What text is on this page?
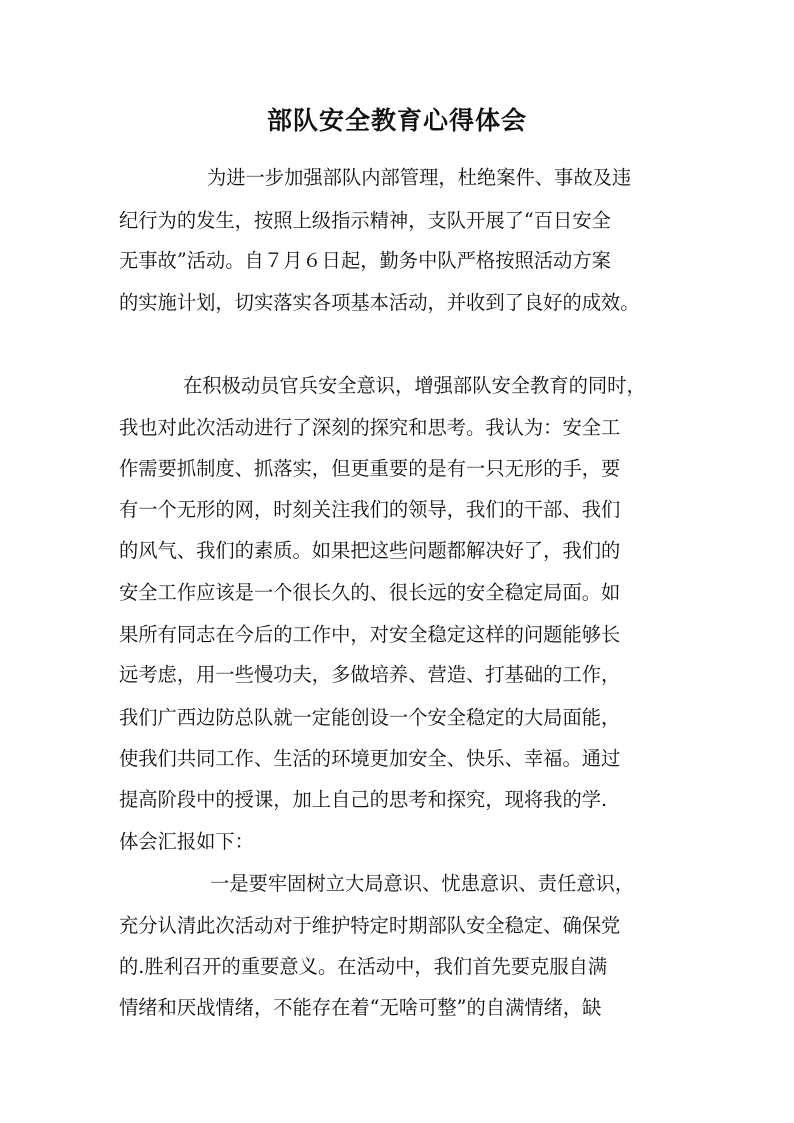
部队安全教育心得体会

为进一步加强部队内部管理，杜绝案件、事故及违

纪行为的发生，按照上级指示精神，支队开展了“百日安全

无事故”活动。自７月６日起，勤务中队严格按照活动方案

的实施计划，切实落实各项基本活动，并收到了良好的成效。

在积极动员官兵安全意识，增强部队安全教育的同时，

我也对此次活动进行了深刻的探究和思考。我认为：安全工

作需要抓制度、抓落实，但更重要的是有一只无形的手，要

有一个无形的网，时刻关注我们的领导，我们的干部、我们

的风气、我们的素质。如果把这些问题都解决好了，我们的

安全工作应该是一个很长久的、很长远的安全稳定局面。如

果所有同志在今后的工作中，对安全稳定这样的问题能够长

远考虑，用一些慢功夫，多做培养、营造、打基础的工作，

我们广西边防总队就一定能创设一个安全稳定的大局面能，

使我们共同工作、生活的环境更加安全、快乐、幸福。通过

提高阶段中的授课，加上自己的思考和探究，现将我的学.

体会汇报如下：

一是要牢固树立大局意识、忧患意识、责任意识，

充分认清此次活动对于维护特定时期部队安全稳定、确保党

的.胜利召开的重要意义。在活动中，我们首先要克服自满

情绪和厌战情绪，不能存在着“无啥可整”的自满情绪，缺
